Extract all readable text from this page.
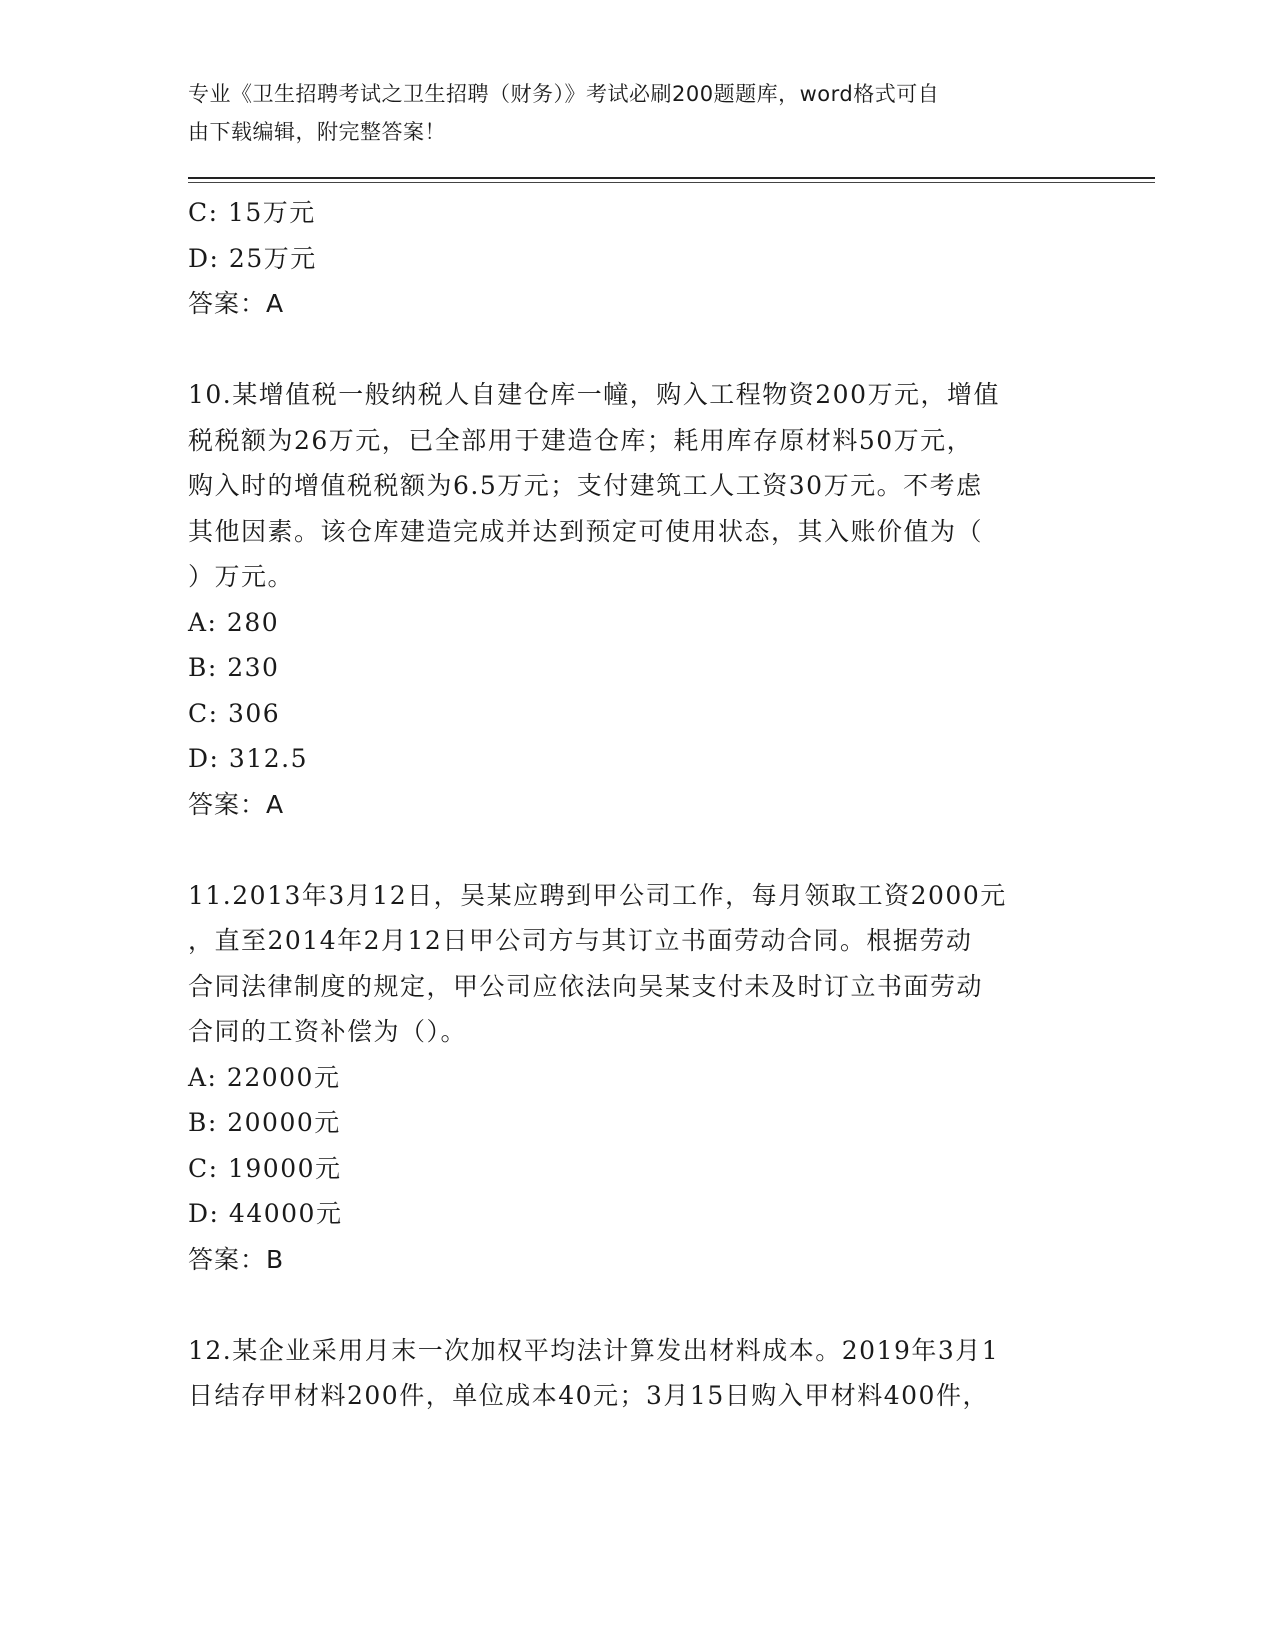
专业《卫生招聘考试之卫生招聘（财务）》考试必刷200题题库，word格式可自
由下载编辑，附完整答案！
C: 15万元
D: 25万元
答案：A
10.某增值税一般纳税人自建仓库一幢，购入工程物资200万元，增值
税税额为26万元，已全部用于建造仓库；耗用库存原材料50万元，
购入时的增值税税额为6.5万元；支付建筑工人工资30万元。不考虑
其他因素。该仓库建造完成并达到预定可使用状态，其入账价值为（
）万元。
A: 280
B: 230
C: 306
D: 312.5
答案：A
11.2013年3月12日，吴某应聘到甲公司工作，每月领取工资2000元
，直至2014年2月12日甲公司方与其订立书面劳动合同。根据劳动
合同法律制度的规定，甲公司应依法向吴某支付未及时订立书面劳动
合同的工资补偿为（）。
A: 22000元
B: 20000元
C: 19000元
D: 44000元
答案：B
12.某企业采用月末一次加权平均法计算发出材料成本。2019年3月1
日结存甲材料200件，单位成本40元；3月15日购入甲材料400件，
